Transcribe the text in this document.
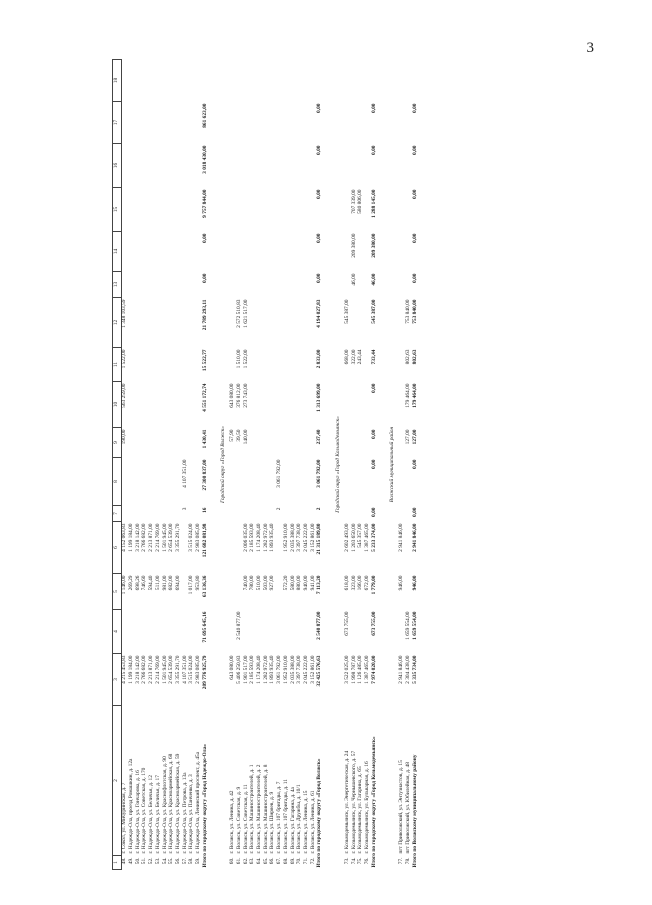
3
1	2	3	4	5	6	7	8	9	10	11	12	13	14	15	16	17	18
48.	г. Сокол, ул. Мичуринская, д. 7	4 215 453,83		1 146,00	4 152 063,83			190,00	563 259,00	1 522,00	1 348 103,59						
49.	г. Надеждо-Ола, проезд Ромашкин, д. 12а	1 199 184,00		269,29	1 199 184,00												
50.	г. Надеждо-Ола, ул. Гончарова, д. 16	3 218 142,00		698,26	3 218 142,00												
51.	г. Надеждо-Ола, ул. Советская, д. 170	2 766 682,00		746,60	2 766 682,00												
52.	г. Надеждо-Ола, ул. Беличья, д. 12	2 213 871,00		594,40	2 213 871,00												
53.	г. Надеждо-Ола, ул. Беличья, д. 17	2 214 769,00		511,00	2 214 769,00												
54.	г. Надеждо-Ола, ул. Краснофлотская, д. 90	1 501 945,00		981,00	1 501 945,00												
55.	г. Надеждо-Ола, ул. Красноармейская, д. 68	2 654 539,00		682,00	2 654 539,00												
56.	г. Надеждо-Ола, ул. Красноармейская, д. 59	3 355 291,70		694,00	3 355 291,70												
57.	г. Надеждо-Ола, ул. Петрова, д. 13а	4 107 351,00				3	4 107 351,00										
58.	г. Надеждо-Ола, ул. Панченко, д. 3	3 515 024,00		1 017,00	3 515 024,00												
59.	г. Надеждо-Ола, Ленинский проспект, д. 45а	2 983 085,00		953,80	2 983 085,00												
Итого по городскому округу «Город Надеждо-Ола»		209 776 925,79	71 695 645,16	63 136,36	121 682 081,98	16	27 300 837,00	1 430,41	4 551 172,74	15 522,77	21 789 293,11	0,00	0,00	9 757 844,00	3 018 430,00	861 623,00	

Городской округ «Город Волжск»																	
60.	г. Волжск, ул. Ленина, д. 42	643 080,00						57,90	643 080,00								
61.	г. Волжск, ул. Советская, д. 9	5 406 250,83	2 540 877,00					39,50	376 812,00	1 510,00	2 572 510,83						
62.	г. Волжск, ул. Советская, д. 11	1 901 517,00		740,00	2 006 035,00			140,00	273 743,00	1 522,00	1 621 517,00						
63.	г. Волжск, ул. Машиностроителей, д. 1	2 185 593,00		780,00	2 185 593,00												
64.	г. Волжск, ул. Машиностроителей, д. 2	1 174 208,40		510,00	1 174 208,40												
65.	г. Волжск, ул. Машиностроителей, д. 8	1 282 972,00		503,00	1 282 972,00												
66.	г. Волжск, ул. Ширяев, д. 9	1 893 935,40		927,00	1 893 935,40												
67.	г. Волжск, ул. 107 бригады, д. 7	3 061 792,00				2	3 061 792,00										
68.	г. Волжск, ул. 107 бригады, д. 11	1 952 910,00		572,20	1 952 910,00												
69.	г. Волжск, ул. Гагарина, д. 4а	2 035 388,00		580,00	2 035 388,00												
70.	г. Волжск, ул. Дружбы, д. 10/1	3 397 738,00		880,00	3 397 738,00												
71.	г. Волжск, ул. Ленина, д. 15	2 045 222,00		940,00	2 045 222,00												
72.	г. Волжск, ул. Ленина, д. 61	3 152 861,00		941,00	3 152 861,00												
Итого по городскому округу «Город Волжск»		32 425 576,63	2 540 877,00	7 113,20	21 315 189,80	2	3 061 792,00	237,40	1 313 699,00	2 833,00	4 194 027,83	0,00	0,00	0,00	0,00	0,00	

Городской округ «Город Козьмодемьянск»																	
73.	г. Козьмодемьянск, ул. Энергетическая, д. 24	3 522 025,00	673 755,00	618,00	2 602 493,00					668,00	545 387,00						
74.	г. Козьмодемьянск, ул. Чернышевского, д. 57	1 998 787,00		323,00	1 203 650,00					322,00		46,00	209 380,00	707 339,00			
75.	г. Козьмодемьянск, ул. Гагарина, д. 65	1 126 485,00		166,00	545 357,00					243,44				580 806,00			
76.	г. Козьмодемьянск, ул. Бульварная, д. 16	1 387 465,00		672,00	1 387 465,00												
Итого по городскому округу «Город Козьмодемьянск»		7 974 020,00	673 755,00	1 779,00	5 233 374,00	0,00	0,00	0,00	0,00	733,44	545 387,00	46,00	209 380,00	1 288 145,00	0,00	0,00	

Волжский муниципальный район																	
77.	пгт Приволжский, ул. Энтузиастов, д. 15	2 941 846,00		946,00	2 941 846,00												
78.	пгт Приволжский, ул. Юбилейная, д. 48	2 304 438,00	1 659 554,00					127,00	179 464,00	802,63	753 840,00						
Итого по Волжскому муниципальному району		5 335 734,00	1 659 554,00	946,00	2 941 846,00	0,00	0,00	127,00	179 464,00	802,63	753 840,00	0,00	0,00	0,00	0,00	0,00	
